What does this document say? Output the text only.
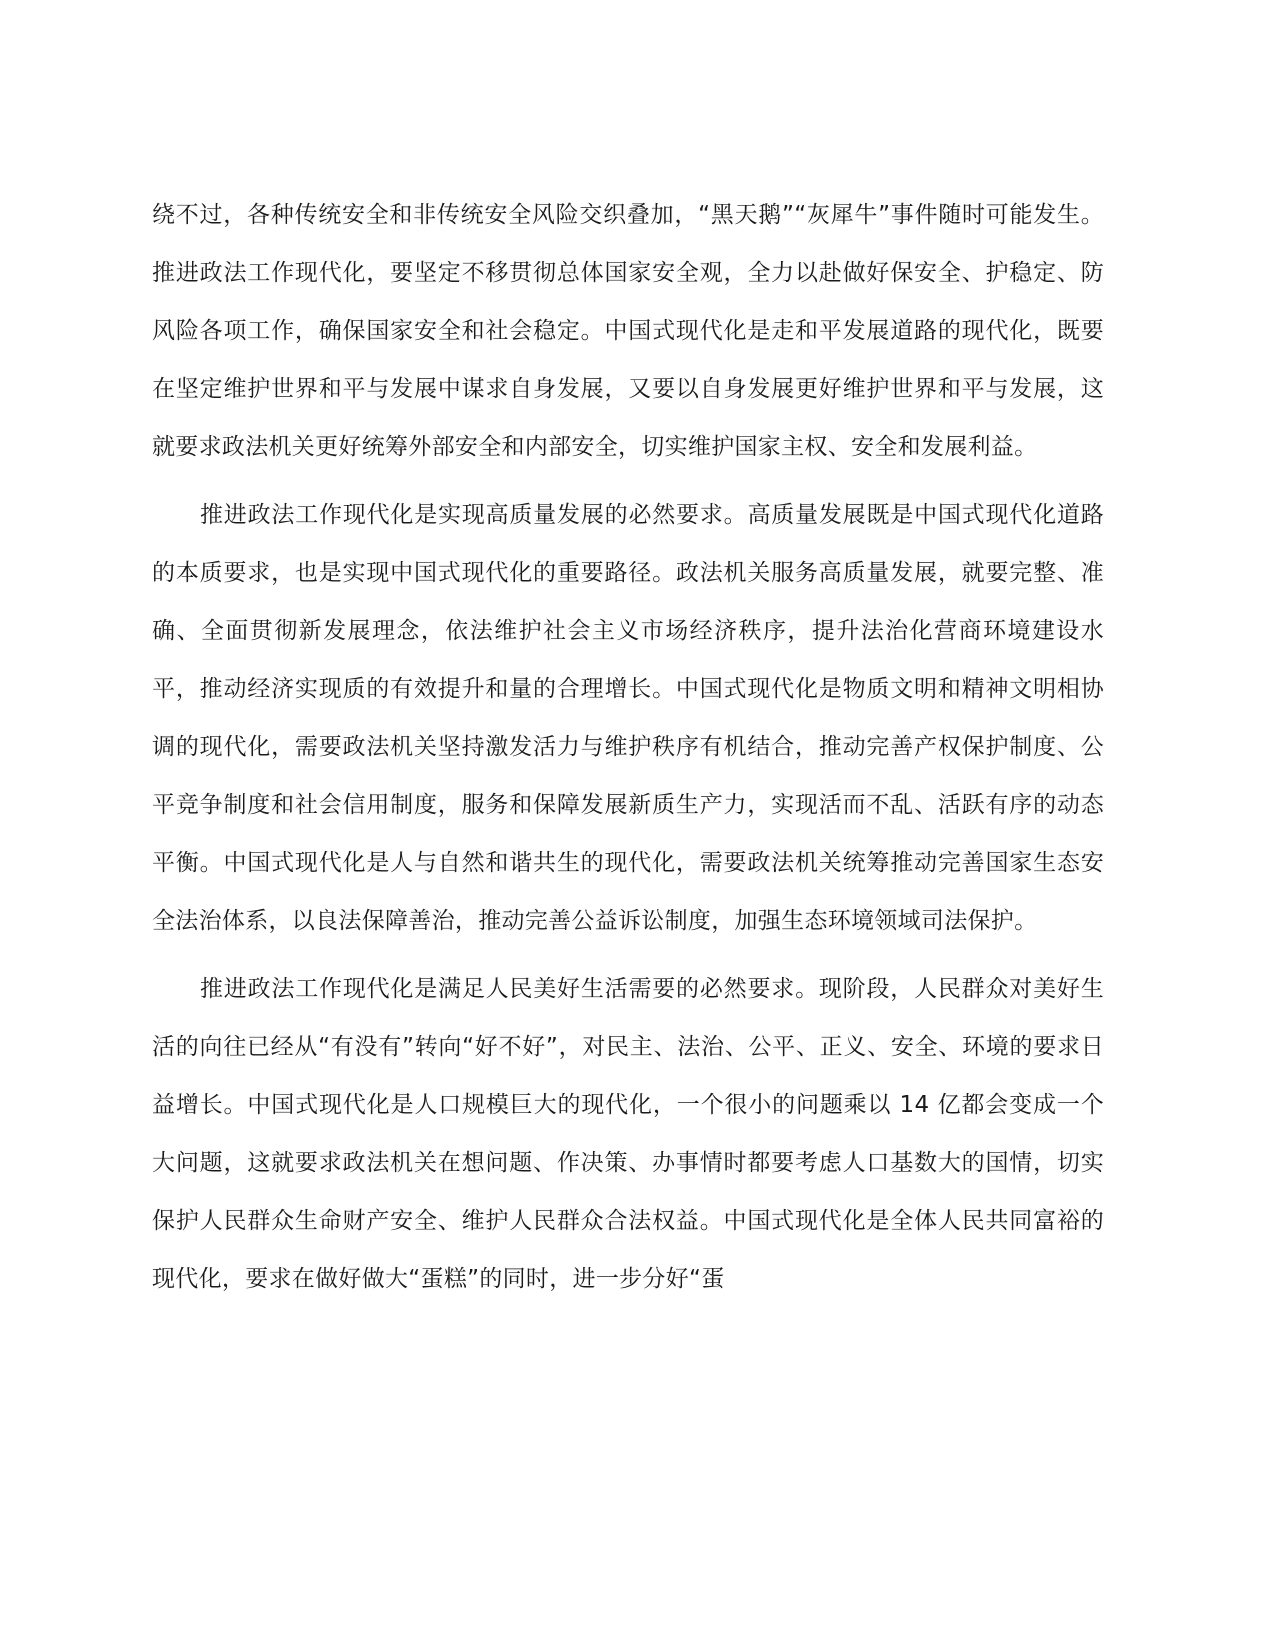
绕不过，各种传统安全和非传统安全风险交织叠加，“黑天鹅”“灰犀牛”事件随时可能发生。推进政法工作现代化，要坚定不移贯彻总体国家安全观，全力以赴做好保安全、护稳定、防风险各项工作，确保国家安全和社会稳定。中国式现代化是走和平发展道路的现代化，既要在坚定维护世界和平与发展中谋求自身发展，又要以自身发展更好维护世界和平与发展，这就要求政法机关更好统筹外部安全和内部安全，切实维护国家主权、安全和发展利益。

推进政法工作现代化是实现高质量发展的必然要求。高质量发展既是中国式现代化道路的本质要求，也是实现中国式现代化的重要路径。政法机关服务高质量发展，就要完整、准确、全面贯彻新发展理念，依法维护社会主义市场经济秩序，提升法治化营商环境建设水平，推动经济实现质的有效提升和量的合理增长。中国式现代化是物质文明和精神文明相协调的现代化，需要政法机关坚持激发活力与维护秩序有机结合，推动完善产权保护制度、公平竞争制度和社会信用制度，服务和保障发展新质生产力，实现活而不乱、活跃有序的动态平衡。中国式现代化是人与自然和谐共生的现代化，需要政法机关统筹推动完善国家生态安全法治体系，以良法保障善治，推动完善公益诉讼制度，加强生态环境领域司法保护。

推进政法工作现代化是满足人民美好生活需要的必然要求。现阶段，人民群众对美好生活的向往已经从“有没有”转向“好不好”，对民主、法治、公平、正义、安全、环境的要求日益增长。中国式现代化是人口规模巨大的现代化，一个很小的问题乘以 14 亿都会变成一个大问题，这就要求政法机关在想问题、作决策、办事情时都要考虑人口基数大的国情，切实保护人民群众生命财产安全、维护人民群众合法权益。中国式现代化是全体人民共同富裕的现代化，要求在做好做大“蛋糕”的同时，进一步分好“蛋
